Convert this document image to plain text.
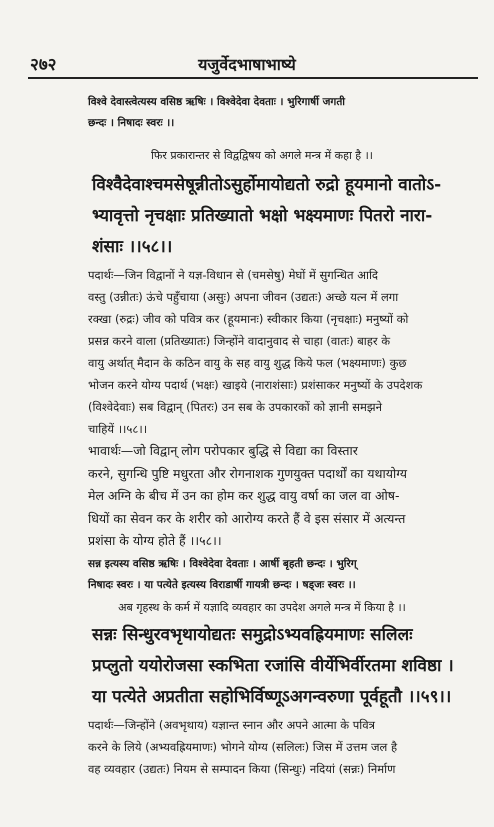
२७२	यजुर्वेदभाषाभाष्ये
विश्वे देवास्त्वेत्यस्य वसिष्ठ ऋषिः । विश्वेदेवा देवताः । भुरिगार्षी जगती
छन्दः । निषादः स्वरः ।।
फिर प्रकारान्तर से विद्वद्विषय को अगले मन्त्र में कहा है ।।
विश्वैदेवाश्चमसेषून्नीतोऽसुर्होमायोद्यतो रुद्रो हूयमानो वातोऽ-
भ्यावृत्तो नृचक्षाः प्रतिख्यातो भक्षो भक्ष्यमाणः पितरो नारा-
शंसाः ।।५८।।
पदार्थः—जिन विद्वानों ने यज्ञ-विधान से (चमसेषु) मेघों में सुगन्धित आदि
वस्तु (उन्नीतः) ऊंचे पहुँचाया (असुः) अपना जीवन (उद्यतः) अच्छे यत्न में लगा
रक्खा (रुद्रः) जीव को पवित्र कर (हूयमानः) स्वीकार किया (नृचक्षाः) मनुष्यों को
प्रसन्न करने वाला (प्रतिख्यातः) जिन्होंने वादानुवाद से चाहा (वातः) बाहर के
वायु अर्थात् मैदान के कठिन वायु के सह वायु शुद्ध किये फल (भक्ष्यमाणः) कुछ
भोजन करने योग्य पदार्थ (भक्षः) खाइये (नाराशंसाः) प्रशंसाकर मनुष्यों के उपदेशक
(विश्वेदेवाः) सब विद्वान् (पितरः) उन सब के उपकारकों को ज्ञानी समझने
चाहियें ।।५८।।
भावार्थः—जो विद्वान् लोग परोपकार बुद्धि से विद्या का विस्तार
करने, सुगन्धि पुष्टि मधुरता और रोगनाशक गुणयुक्त पदार्थों का यथायोग्य
मेल अग्नि के बीच में उन का होम कर शुद्ध वायु वर्षा का जल वा ओष-
धियों का सेवन कर के शरीर को आरोग्य करते हैं वे इस संसार में अत्यन्त
प्रशंसा के योग्य होते हैं ।।५८।।
सन्न इत्यस्य वसिष्ठ ऋषिः । विश्वेदेवा देवताः । आर्षी बृहती छन्दः । भुरिग्
निषादः स्वरः । या पत्येते इत्यस्य विराडार्षी गायत्री छन्दः । षड्जः स्वरः ।।
अब गृहस्थ के कर्म में यज्ञादि व्यवहार का उपदेश अगले मन्त्र में किया है ।।
सन्नः सिन्धुरवभृथायोद्यतः समुद्रोऽभ्यवह्रियमाणः सलिलः
प्रप्लुतो ययोरोजसा स्कभिता रजांसि वीर्येभिर्वीरतमा शविष्ठा ।
या पत्येते अप्रतीता सहोभिर्विष्णूऽअगन्वरुणा पूर्वहूतौ ।।५९।।
पदार्थः—जिन्होंने (अवभृथाय) यज्ञान्त स्नान और अपने आत्मा के पवित्र
करने के लिये (अभ्यवह्रियमाणः) भोगने योग्य (सलिलः) जिस में उत्तम जल है
वह व्यवहार (उद्यतः) नियम से सम्पादन किया (सिन्धुः) नदियां (सन्नः) निर्माण
